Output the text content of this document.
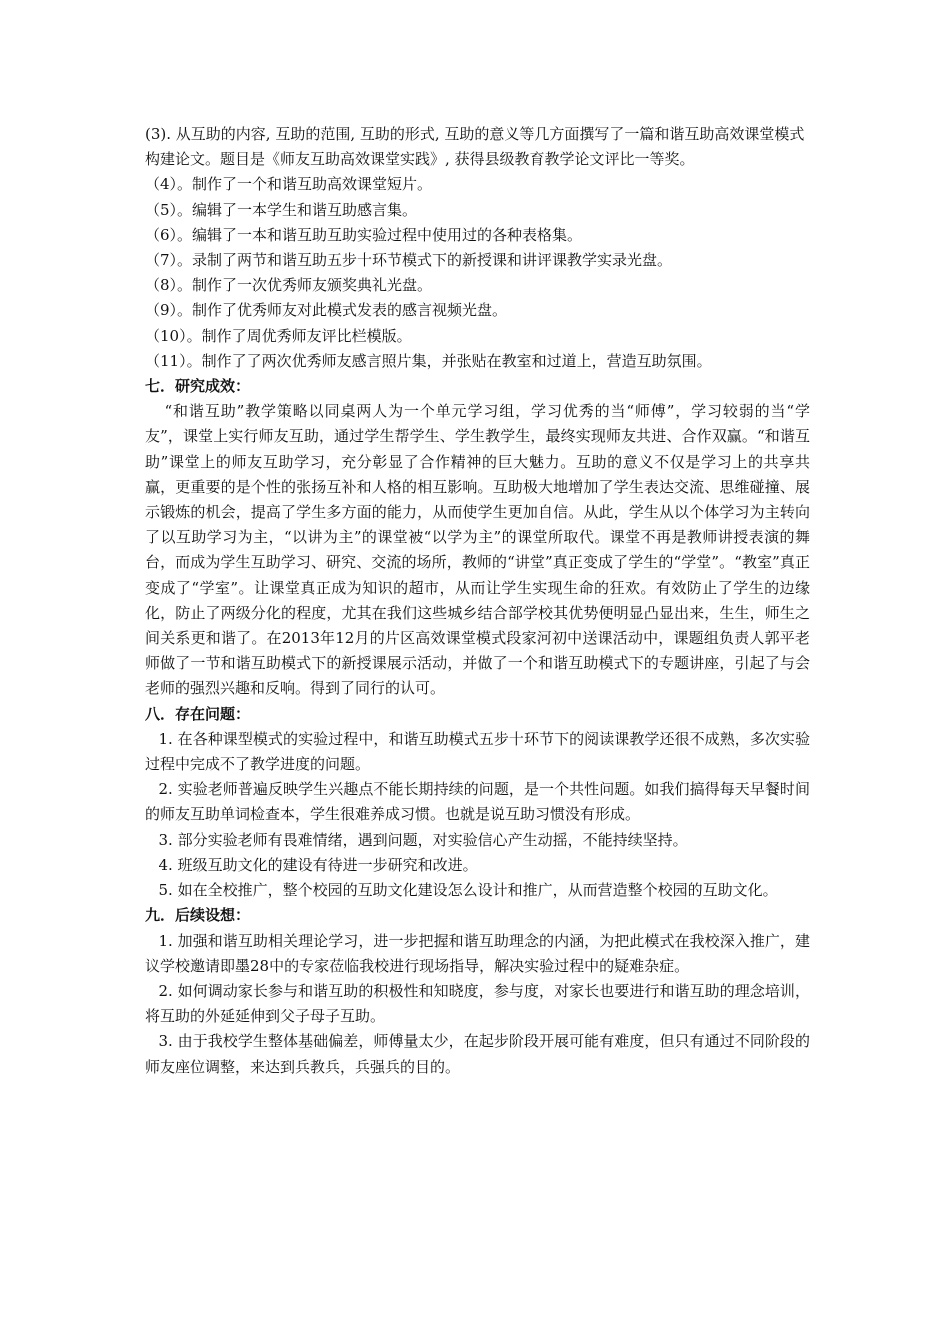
(3). 从互助的内容, 互助的范围, 互助的形式, 互助的意义等几方面撰写了一篇和谐互助高效课堂模式构建论文。题目是《师友互助高效课堂实践》, 获得县级教育教学论文评比一等奖。

（4）。制作了一个和谐互助高效课堂短片。

（5）。编辑了一本学生和谐互助感言集。

（6）。编辑了一本和谐互助互助实验过程中使用过的各种表格集。

（7）。录制了两节和谐互助五步十环节模式下的新授课和讲评课教学实录光盘。

（8）。制作了一次优秀师友颁奖典礼光盘。

（9）。制作了优秀师友对此模式发表的感言视频光盘。

（10）。制作了周优秀师友评比栏模版。

（11）。制作了了两次优秀师友感言照片集，并张贴在教室和过道上，营造互助氛围。

七．研究成效：

“和谐互助”教学策略以同桌两人为一个单元学习组，学习优秀的当“师傅”，学习较弱的当“学友”，课堂上实行师友互助，通过学生帮学生、学生教学生，最终实现师友共进、合作双赢。“和谐互助”课堂上的师友互助学习，充分彰显了合作精神的巨大魅力。互助的意义不仅是学习上的共享共赢，更重要的是个性的张扬互补和人格的相互影响。互助极大地增加了学生表达交流、思维碰撞、展示锻炼的机会，提高了学生多方面的能力，从而使学生更加自信。从此，学生从以个体学习为主转向了以互助学习为主，“以讲为主”的课堂被“以学为主”的课堂所取代。课堂不再是教师讲授表演的舞台，而成为学生互助学习、研究、交流的场所，教师的“讲堂”真正变成了学生的“学堂”。“教室”真正变成了“学室”。让课堂真正成为知识的超市，从而让学生实现生命的狂欢。有效防止了学生的边缘化，防止了两级分化的程度，尤其在我们这些城乡结合部学校其优势便明显凸显出来，生生，师生之间关系更和谐了。在2013年12月的片区高效课堂模式段家河初中送课活动中，课题组负责人郭平老师做了一节和谐互助模式下的新授课展示活动，并做了一个和谐互助模式下的专题讲座，引起了与会老师的强烈兴趣和反响。得到了同行的认可。

八．存在问题：

1. 在各种课型模式的实验过程中，和谐互助模式五步十环节下的阅读课教学还很不成熟，多次实验过程中完成不了教学进度的问题。

2. 实验老师普遍反映学生兴趣点不能长期持续的问题，是一个共性问题。如我们搞得每天早餐时间的师友互助单词检查本，学生很难养成习惯。也就是说互助习惯没有形成。

3. 部分实验老师有畏难情绪，遇到问题，对实验信心产生动摇，不能持续坚持。

4. 班级互助文化的建设有待进一步研究和改进。

5. 如在全校推广，整个校园的互助文化建设怎么设计和推广，从而营造整个校园的互助文化。

九．后续设想：

1. 加强和谐互助相关理论学习，进一步把握和谐互助理念的内涵，为把此模式在我校深入推广，建议学校邀请即墨28中的专家莅临我校进行现场指导，解决实验过程中的疑难杂症。

2. 如何调动家长参与和谐互助的积极性和知晓度，参与度，对家长也要进行和谐互助的理念培训，将互助的外延延伸到父子母子互助。

3. 由于我校学生整体基础偏差，师傅量太少，在起步阶段开展可能有难度，但只有通过不同阶段的师友座位调整，来达到兵教兵，兵强兵的目的。
